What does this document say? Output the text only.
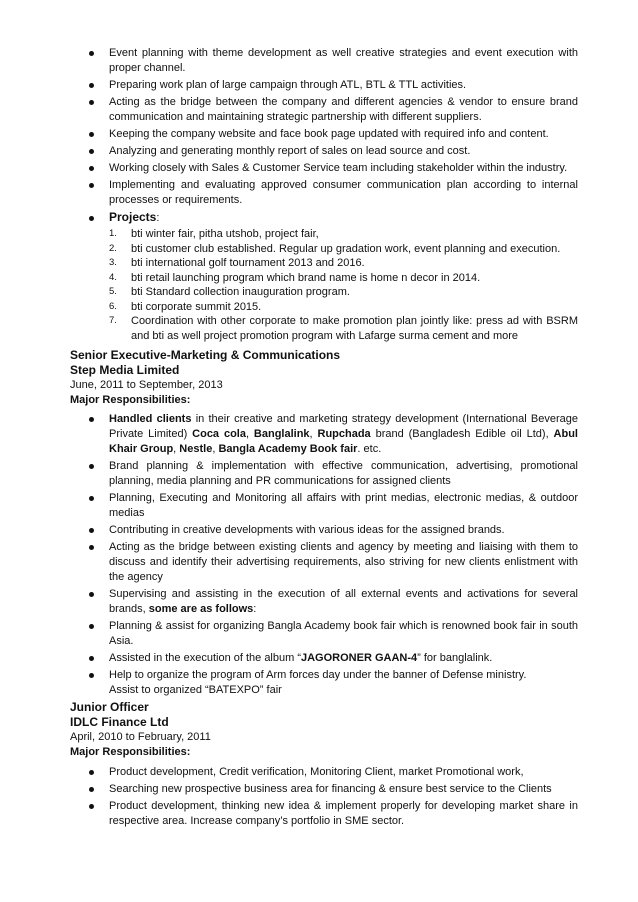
Event planning with theme development as well creative strategies and event execution with proper channel.
Preparing work plan of large campaign through ATL, BTL & TTL activities.
Acting as the bridge between the company and different agencies & vendor to ensure brand communication and maintaining strategic partnership with different suppliers.
Keeping the company website and face book page updated with required info and content.
Analyzing and generating monthly report of sales on lead source and cost.
Working closely with Sales & Customer Service team including stakeholder within the industry.
Implementing and evaluating approved consumer communication plan according to internal processes or requirements.
Projects:
1. bti winter fair, pitha utshob, project fair,
2. bti customer club established. Regular up gradation work, event planning and execution.
3. bti international golf tournament 2013 and 2016.
4. bti retail launching program which brand name is home n decor in 2014.
5. bti Standard collection inauguration program.
6. bti corporate summit 2015.
7. Coordination with other corporate to make promotion plan jointly like: press ad with BSRM and bti as well project promotion program with Lafarge surma cement and more
Senior Executive-Marketing & Communications
Step Media Limited
June, 2011 to September, 2013
Major Responsibilities:
Handled clients in their creative and marketing strategy development (International Beverage Private Limited) Coca cola, Banglalink, Rupchada brand (Bangladesh Edible oil Ltd), Abul Khair Group, Nestle, Bangla Academy Book fair. etc.
Brand planning & implementation with effective communication, advertising, promotional planning, media planning and PR communications for assigned clients
Planning, Executing and Monitoring all affairs with print medias, electronic medias, & outdoor medias
Contributing in creative developments with various ideas for the assigned brands.
Acting as the bridge between existing clients and agency by meeting and liaising with them to discuss and identify their advertising requirements, also striving for new clients enlistment with the agency
Supervising and assisting in the execution of all external events and activations for several brands, some are as follows:
Planning & assist for organizing Bangla Academy book fair which is renowned book fair in south Asia.
Assisted in the execution of the album “JAGORONER GAAN-4” for banglalink.
Help to organize the program of Arm forces day under the banner of Defense ministry.
Assist to organized “BATEXPO” fair
Junior Officer
IDLC Finance Ltd
April, 2010 to February, 2011
Major Responsibilities:
Product development, Credit verification, Monitoring Client, market Promotional work,
Searching new prospective business area for financing & ensure best service to the Clients
Product development, thinking new idea & implement properly for developing market share in respective area. Increase company’s portfolio in SME sector.
